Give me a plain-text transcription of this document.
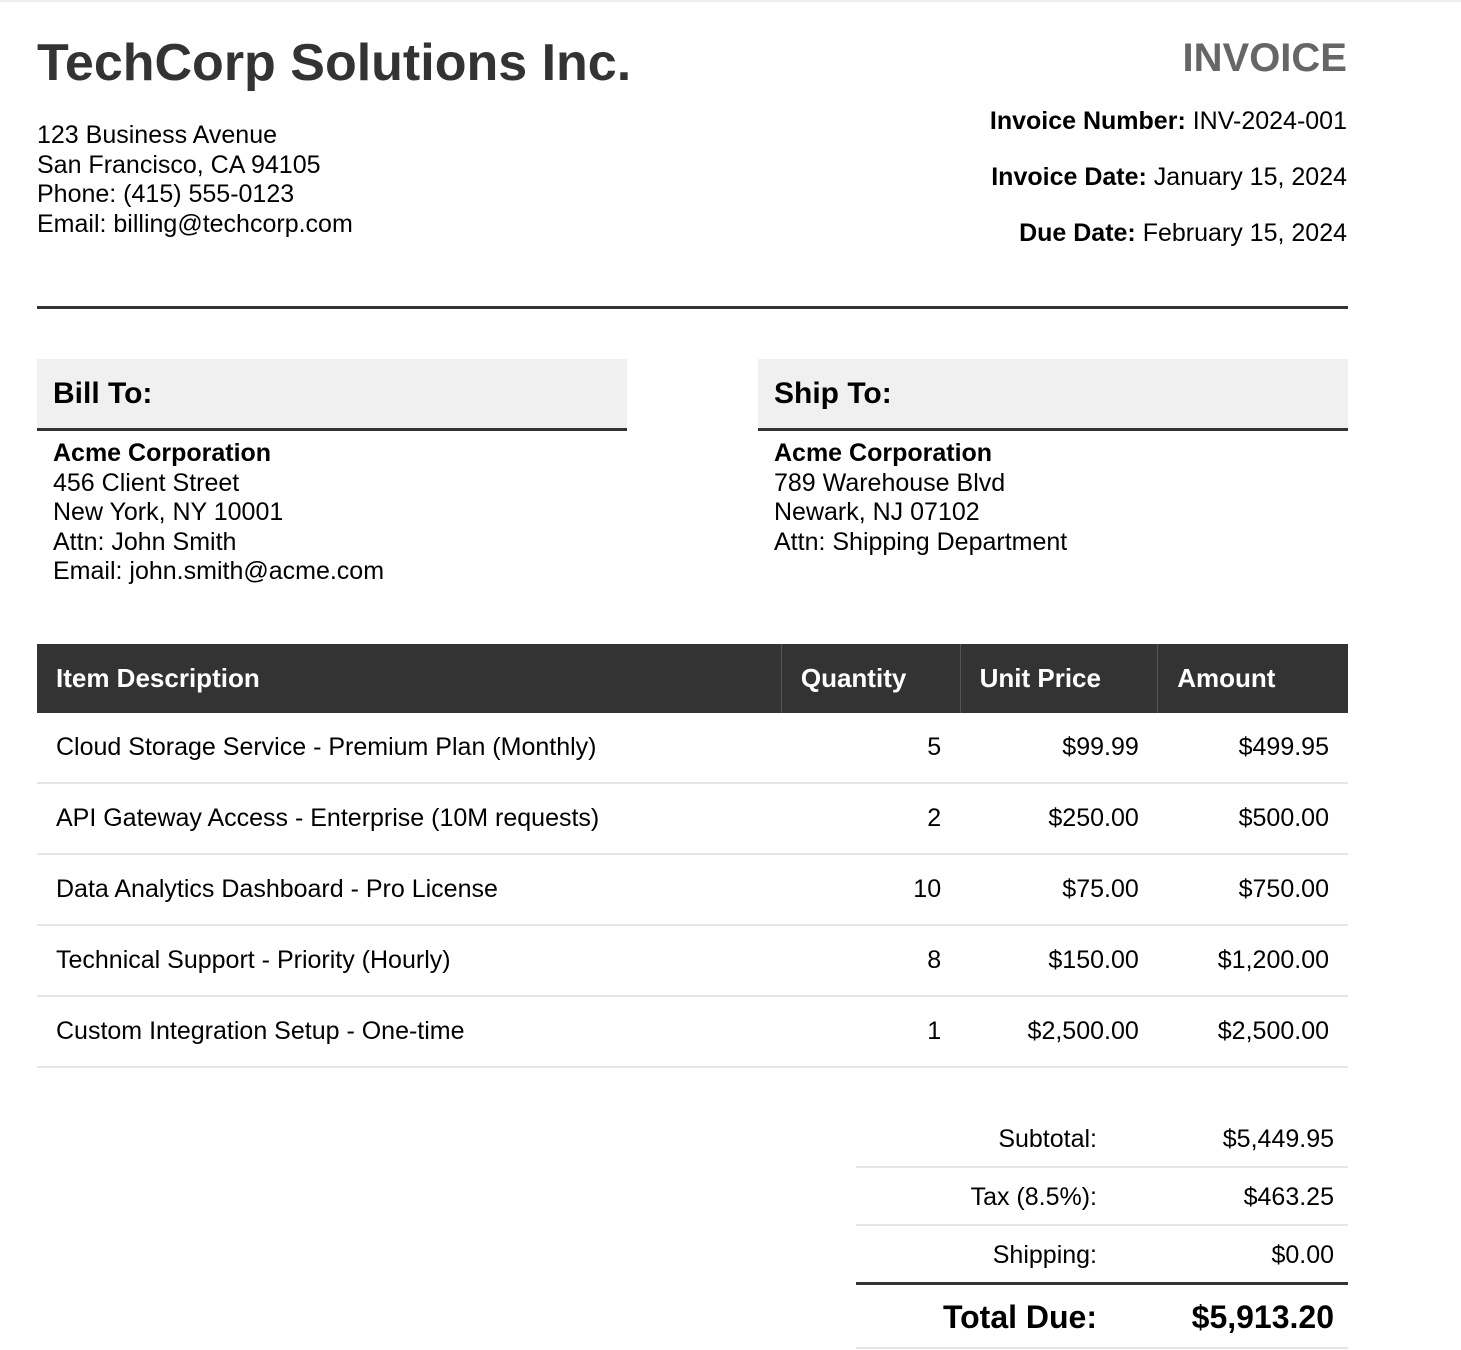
TechCorp Solutions Inc.
123 Business Avenue
San Francisco, CA 94105
Phone: (415) 555-0123
Email: billing@techcorp.com
INVOICE
Invoice Number: INV-2024-001
Invoice Date: January 15, 2024
Due Date: February 15, 2024
Bill To:
Acme Corporation
456 Client Street
New York, NY 10001
Attn: John Smith
Email: john.smith@acme.com
Ship To:
Acme Corporation
789 Warehouse Blvd
Newark, NJ 07102
Attn: Shipping Department
Item Description	Quantity	Unit Price	Amount
Cloud Storage Service - Premium Plan (Monthly)	5	$99.99	$499.95
API Gateway Access - Enterprise (10M requests)	2	$250.00	$500.00
Data Analytics Dashboard - Pro License	10	$75.00	$750.00
Technical Support - Priority (Hourly)	8	$150.00	$1,200.00
Custom Integration Setup - One-time	1	$2,500.00	$2,500.00
Subtotal:	$5,449.95
Tax (8.5%):	$463.25
Shipping:	$0.00
Total Due:	$5,913.20
